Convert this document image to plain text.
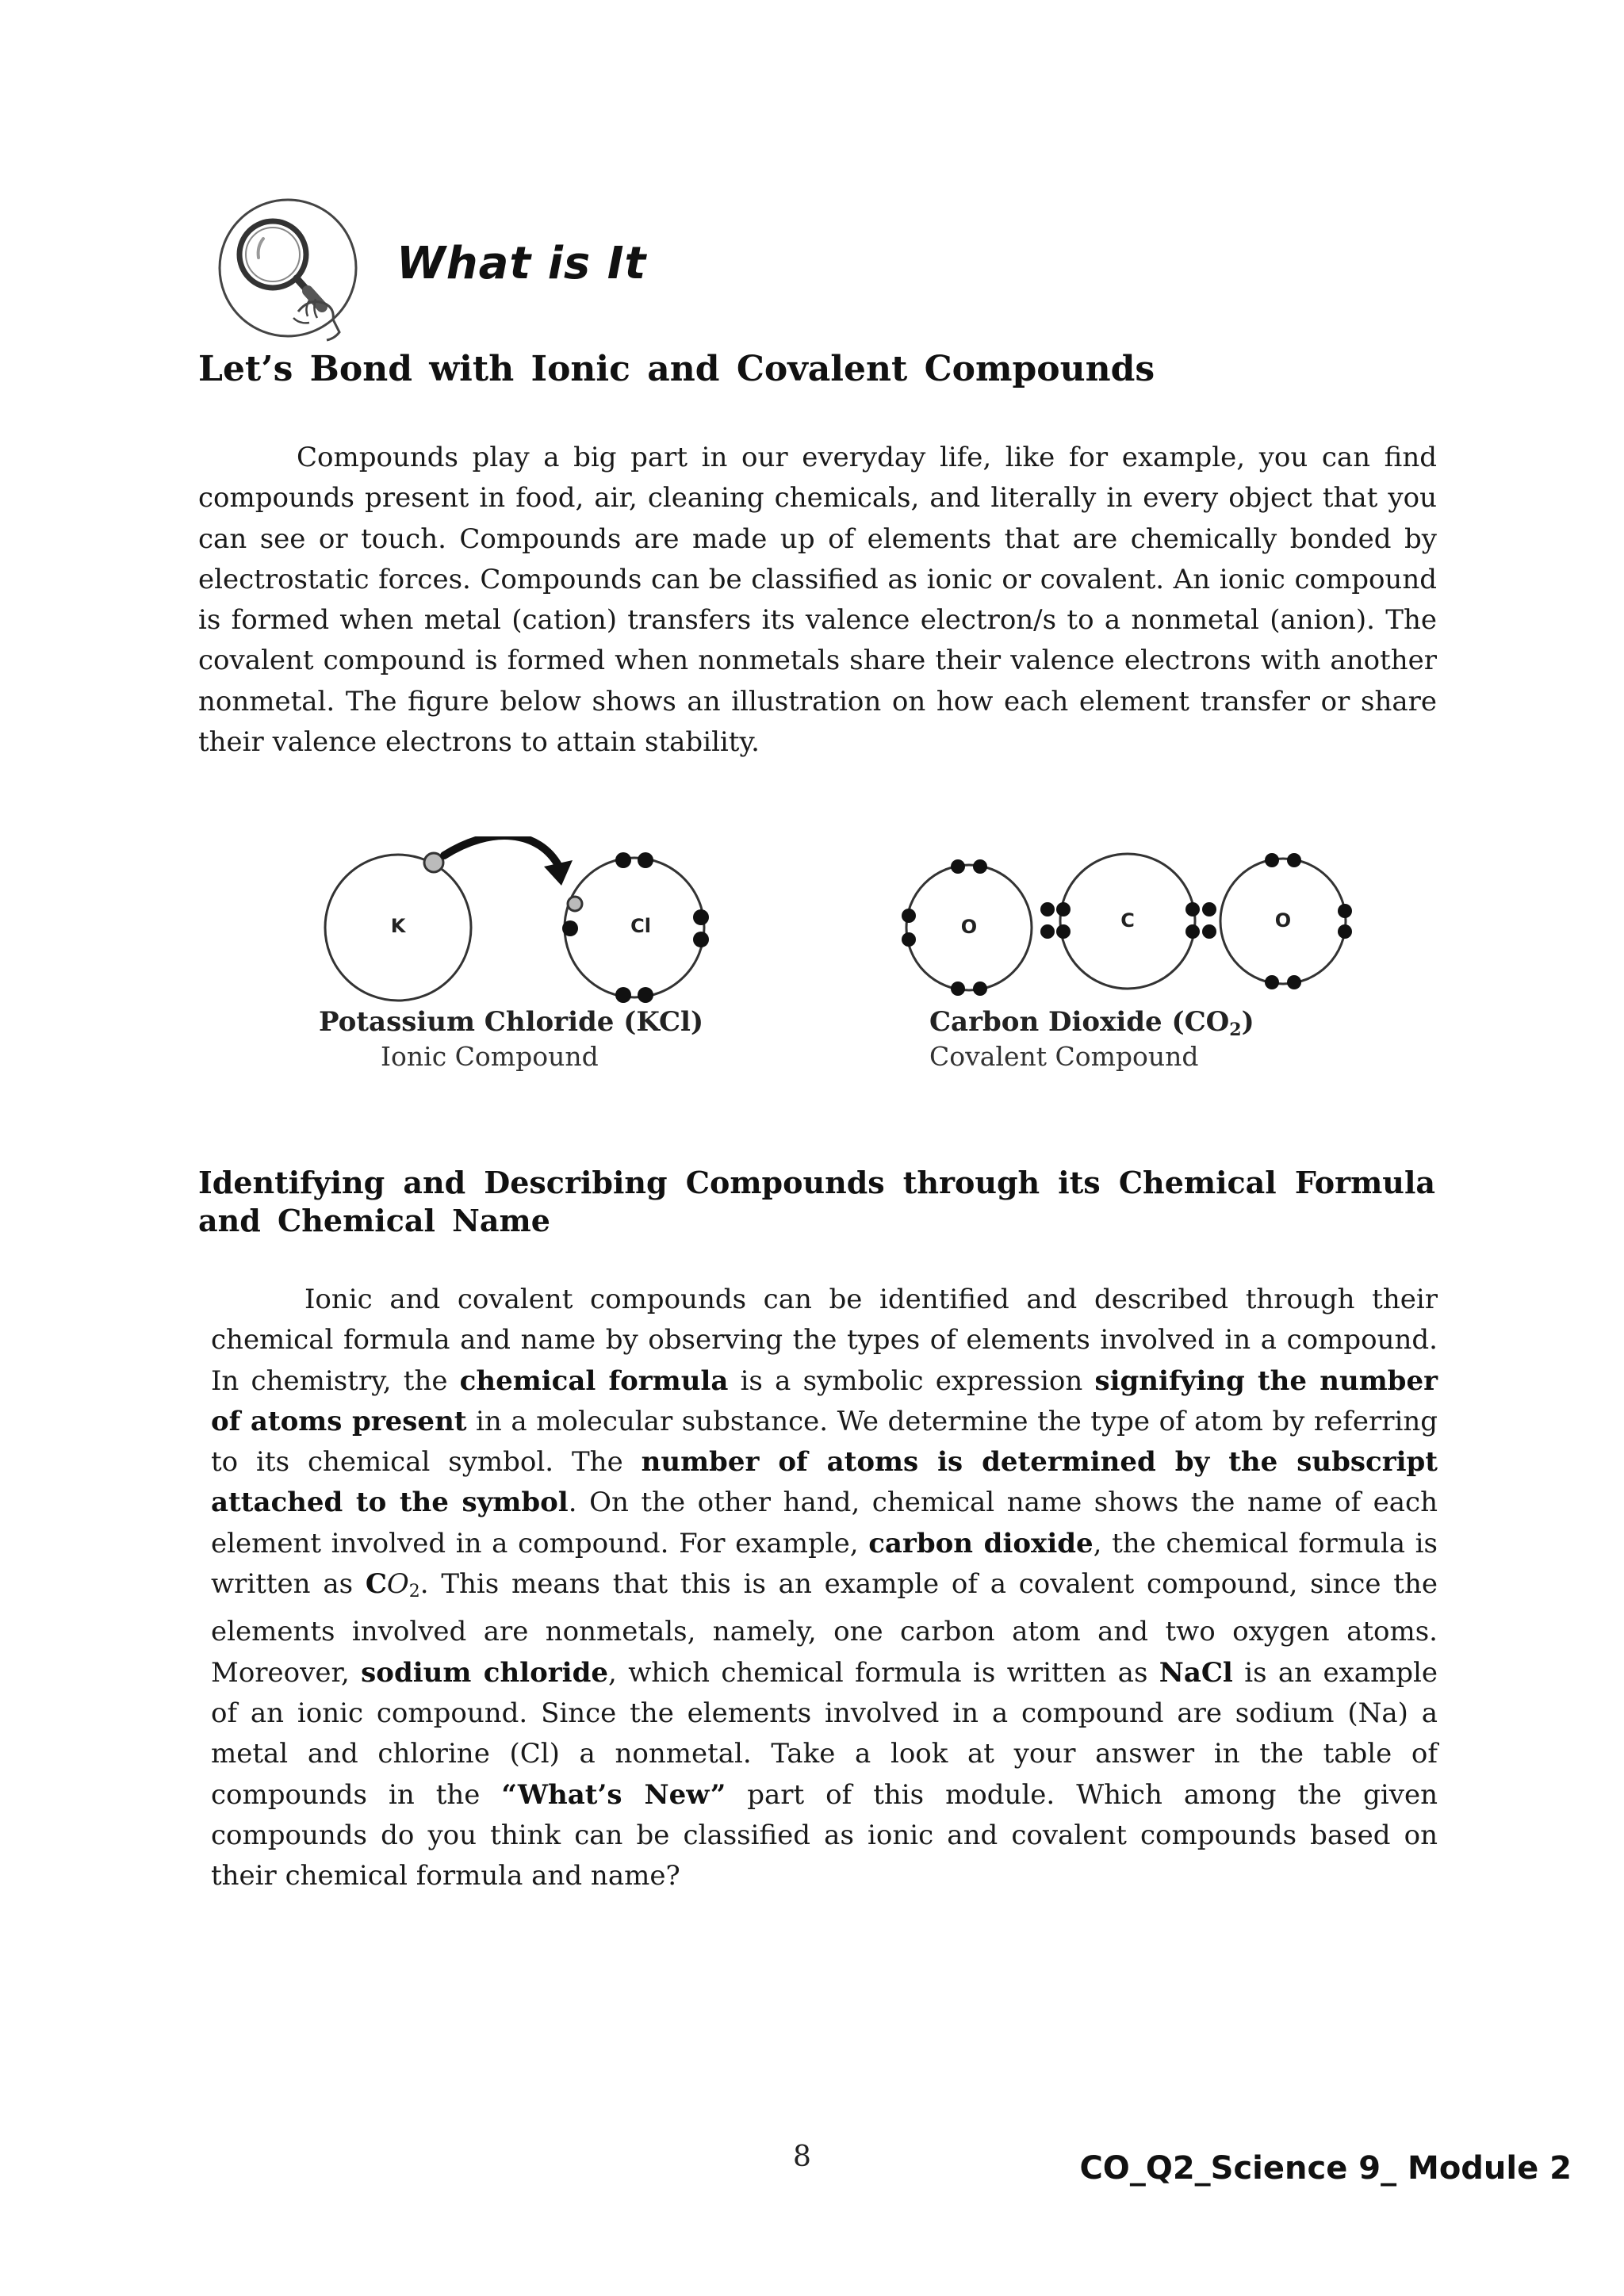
What is It
Let’s Bond with Ionic and Covalent Compounds
Compounds play a big part in our everyday life, like for example, you can find compounds present in food, air, cleaning chemicals, and literally in every object that you can see or touch. Compounds are made up of elements that are chemically bonded by electrostatic forces. Compounds can be classified as ionic or covalent. An ionic compound is formed when metal (cation) transfers its valence electron/s to a nonmetal (anion). The covalent compound is formed when nonmetals share their valence electrons with another nonmetal. The figure below shows an illustration on how each element transfer or share their valence electrons to attain stability.
K	Cl	O	C	O
Potassium Chloride (KCl)
Ionic Compound
Carbon Dioxide $(CO_2)$
Covalent Compound
Identifying and Describing Compounds through its Chemical Formula and Chemical Name
Ionic and covalent compounds can be identified and described through their chemical formula and name by observing the types of elements involved in a compound. In chemistry, the chemical formula is a symbolic expression signifying the number of atoms present in a molecular substance. We determine the type of atom by referring to its chemical symbol. The number of atoms is determined by the subscript attached to the symbol. On the other hand, chemical name shows the name of each element involved in a compound. For example, carbon dioxide, the chemical formula is written as CO2. This means that this is an example of a covalent compound, since the elements involved are nonmetals, namely, one carbon atom and two oxygen atoms. Moreover, sodium chloride, which chemical formula is written as NaCl is an example of an ionic compound. Since the elements involved in a compound are sodium (Na) a metal and chlorine (Cl) a nonmetal. Take a look at your answer in the table of compounds in the “What’s New” part of this module. Which among the given compounds do you think can be classified as ionic and covalent compounds based on their chemical formula and name?
8	CO_Q2_Science 9_ Module 2
